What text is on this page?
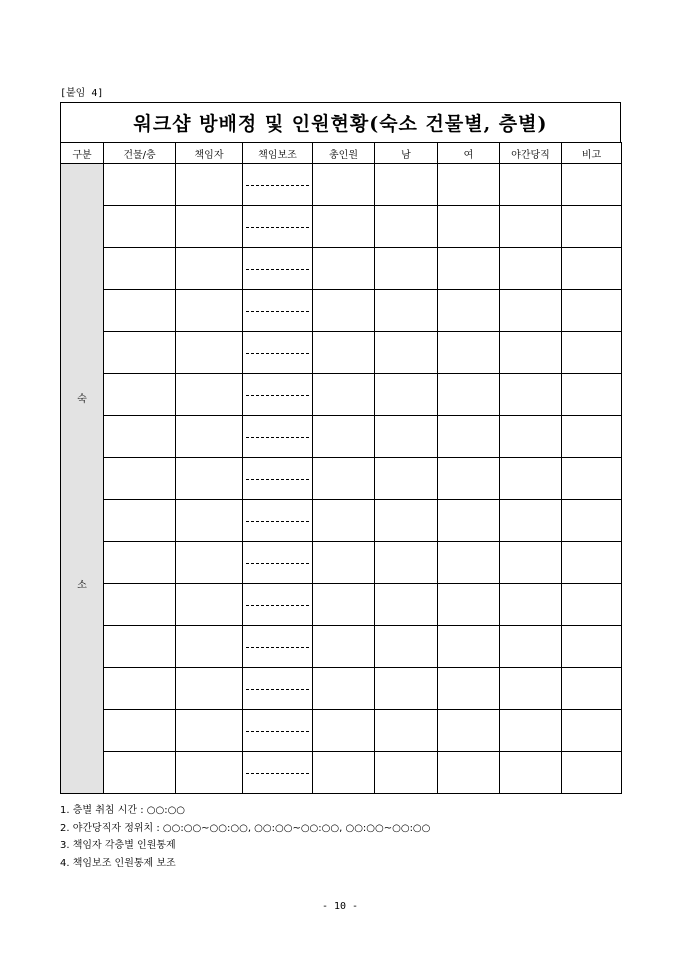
[붙임 4]
워크샵 방배정 및 인원현황(숙소 건물별, 층별)
구분	건물/층	책임자	책임보조	총인원	남	여	야간당직	비고

숙
소								

1. 층별 취침 시간 : ○○:○○
2. 야간당직자 정위치 : ○○:○○~○○:○○, ○○:○○~○○:○○, ○○:○○~○○:○○
3. 책임자 각층별 인원통제
4. 책임보조 인원통제 보조
- 10 -
